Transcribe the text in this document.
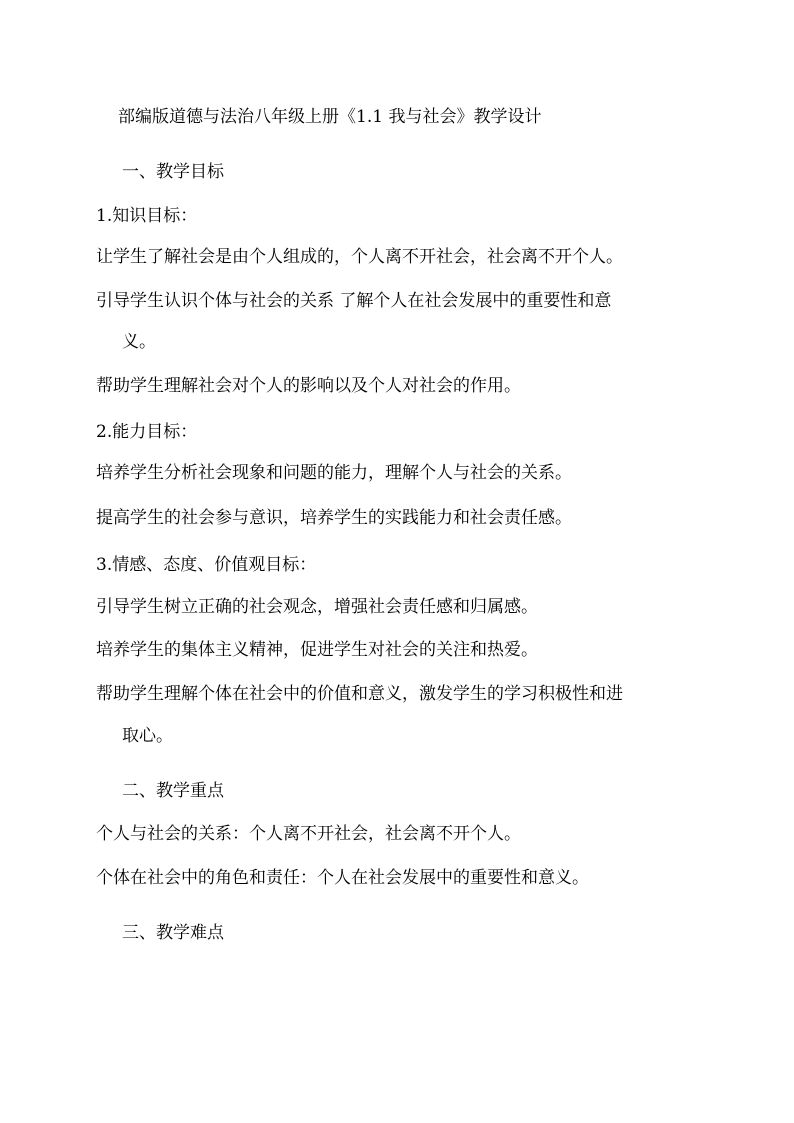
部编版道德与法治八年级上册《1.1 我与社会》教学设计
一、教学目标
1.知识目标：
让学生了解社会是由个人组成的，个人离不开社会，社会离不开个人。
引导学生认识个体与社会的关系 了解个人在社会发展中的重要性和意
义。
帮助学生理解社会对个人的影响以及个人对社会的作用。
2.能力目标：
培养学生分析社会现象和问题的能力，理解个人与社会的关系。
提高学生的社会参与意识，培养学生的实践能力和社会责任感。
3.情感、态度、价值观目标：
引导学生树立正确的社会观念，增强社会责任感和归属感。
培养学生的集体主义精神，促进学生对社会的关注和热爱。
帮助学生理解个体在社会中的价值和意义，激发学生的学习积极性和进
取心。
二、教学重点
个人与社会的关系：个人离不开社会，社会离不开个人。
个体在社会中的角色和责任：个人在社会发展中的重要性和意义。
三、教学难点
